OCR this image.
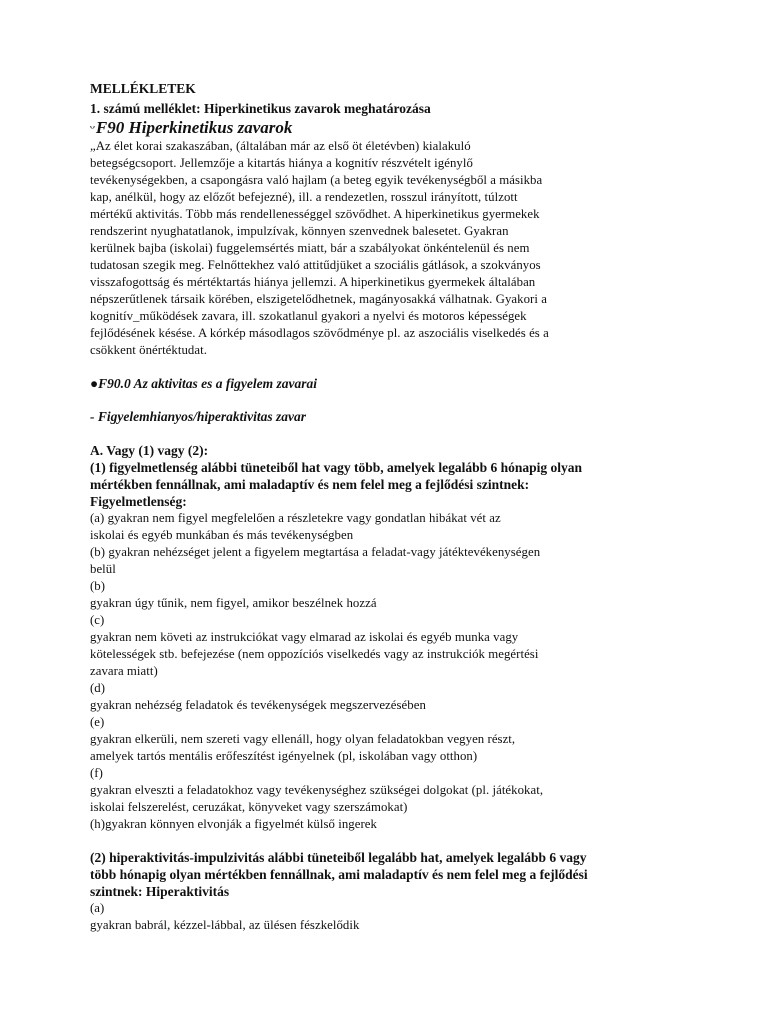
MELLÉKLETEK
1. számú melléklet: Hiperkinetikus zavarok meghatározása
ᵕF90 Hiperkinetikus zavarok
„Az élet korai szakaszában, (általában már az első öt életévben) kialakuló
betegségcsoport. Jellemzője a kitartás hiánya a kognitív részvételt igénylő
tevékenységekben, a csapongásra való hajlam (a beteg egyik tevékenységből a másikba
kap, anélkül, hogy az előzőt befejezné), ill. a rendezetlen, rosszul irányított, túlzott
mértékű aktivitás. Több más rendellenességgel szövődhet. A hiperkinetikus gyermekek
rendszerint nyughatatlanok, impulzívak, könnyen szenvednek balesetet. Gyakran
kerülnek bajba (iskolai) fuggelemsértés miatt, bár a szabályokat önkéntelenül és nem
tudatosan szegik meg. Felnőttekhez való attitűdjüket a szociális gátlások, a szokványos
visszafogottság és mértéktartás hiánya jellemzi. A hiperkinetikus gyermekek általában
népszerűtlenek társaik körében, elszigetelődhetnek, magányosakká válhatnak. Gyakori a
kognitív_működések zavara, ill. szokatlanul gyakori a nyelvi és motoros képességek
fejlődésének késése. A kórkép másodlagos szövődménye pl. az aszociális viselkedés és a
csökkent önértéktudat.
●F90.0 Az aktivitas es a figyelem zavarai
- Figyelemhianyos/hiperaktivitas zavar
A. Vagy (1) vagy (2):
(1) figyelmetlenség alábbi tüneteiből hat vagy több, amelyek legalább 6 hónapig olyan
mértékben fennállnak, ami maladaptív és nem felel meg a fejlődési szintnek:
Figyelmetlenség:
(a) gyakran nem figyel megfelelően a részletekre vagy gondatlan hibákat vét az
iskolai és egyéb munkában és más tevékenységben
(b) gyakran nehézséget jelent a figyelem megtartása a feladat-vagy játéktevékenységen
belül
(b)
gyakran úgy tűnik, nem figyel, amikor beszélnek hozzá
(c)
gyakran nem követi az instrukciókat vagy elmarad az iskolai és egyéb munka vagy
kötelességek stb. befejezése (nem oppozíciós viselkedés vagy az instrukciók megértési
zavara miatt)
(d)
gyakran nehézség feladatok és tevékenységek megszervezésében
(e)
gyakran elkerüli, nem szereti vagy ellenáll, hogy olyan feladatokban vegyen részt,
amelyek tartós mentális erőfeszítést igényelnek (pl, iskolában vagy otthon)
(f)
gyakran elveszti a feladatokhoz vagy tevékenységhez szükségei dolgokat (pl. játékokat,
iskolai felszerelést, ceruzákat, könyveket vagy szerszámokat)
(h)gyakran könnyen elvonják a figyelmét külső ingerek
(2) hiperaktivitás-impulzivitás alábbi tüneteiből legalább hat, amelyek legalább 6 vagy
több hónapig olyan mértékben fennállnak, ami maladaptív és nem felel meg a fejlődési
szintnek: Hiperaktivitás
(a)
gyakran babrál, kézzel-lábbal, az ülésen fészkelődik
